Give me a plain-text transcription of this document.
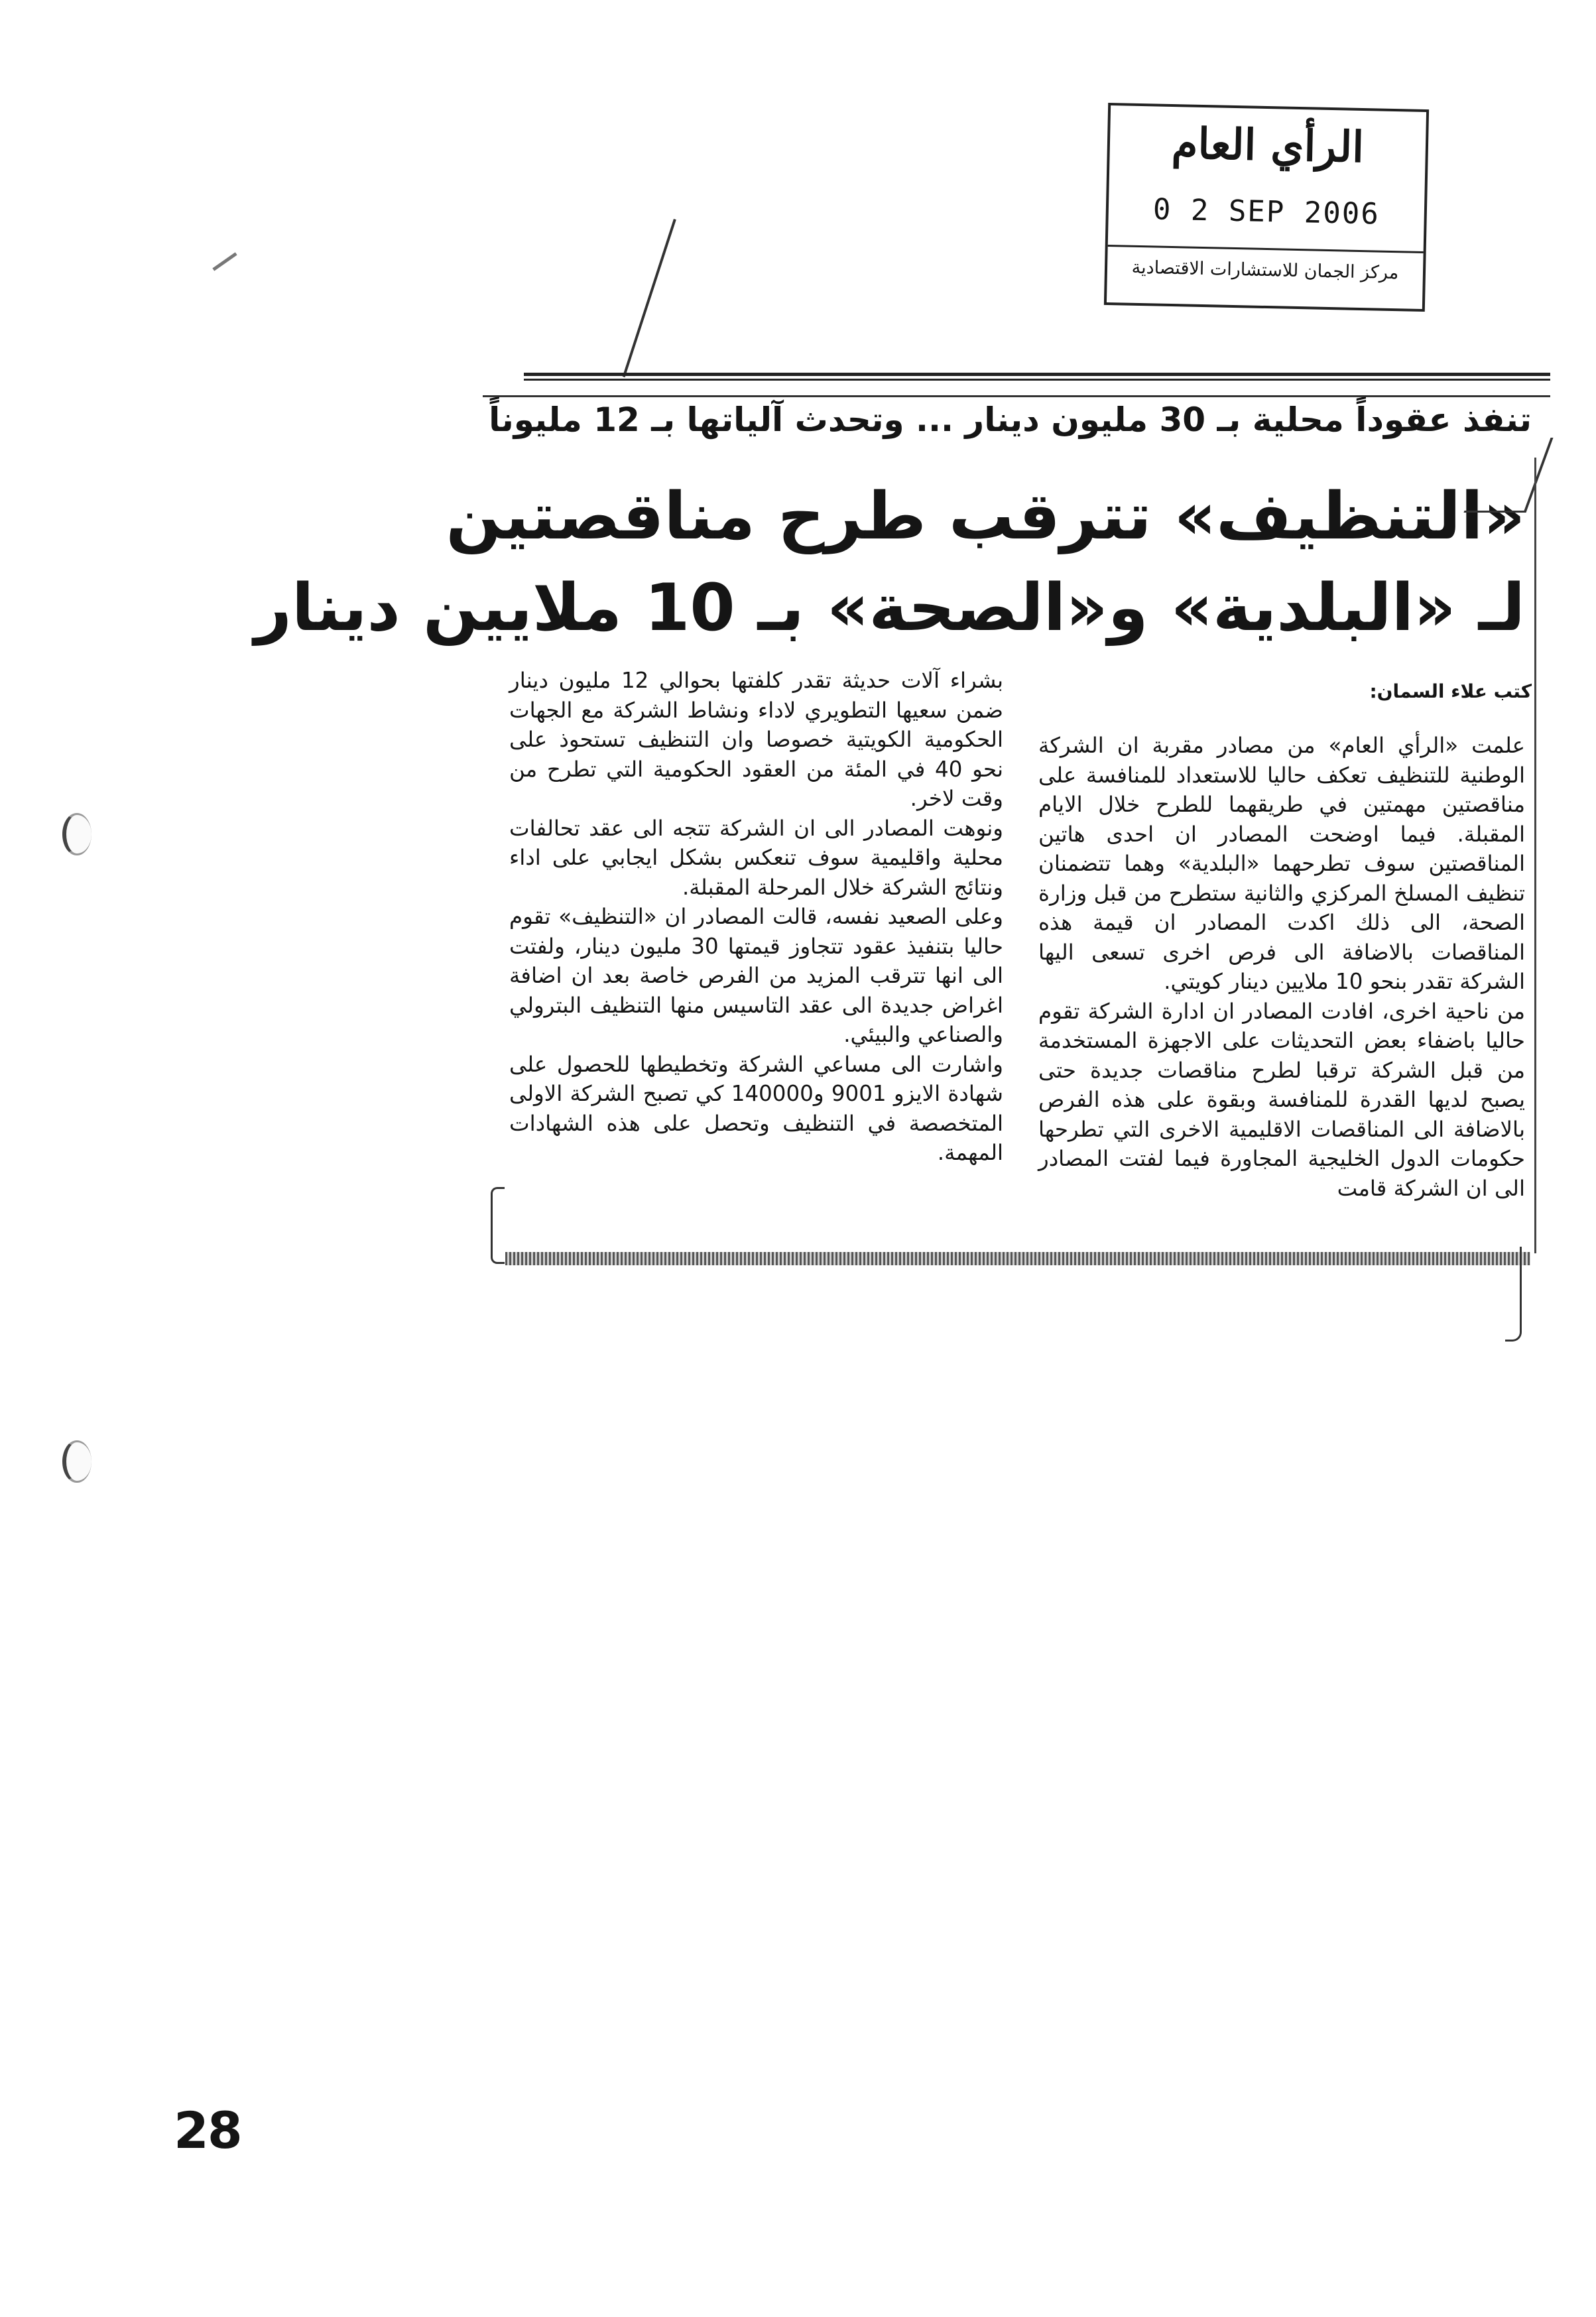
الرأي العام
0 2 SEP 2006
مركز الجمان للاستشارات الاقتصادية
تنفذ عقوداً محلية بـ 30 مليون دينار ... وتحدث آلياتها بـ 12 مليوناً
«التنظيف» تترقب طرح مناقصتين
لـ «البلدية» و«الصحة» بـ 10 ملايين دينار
كتب علاء السمان:

علمت «الرأي العام» من مصادر مقربة ان الشركة الوطنية للتنظيف تعكف حاليا للاستعداد للمنافسة على مناقصتين مهمتين في طريقهما للطرح خلال الايام المقبلة. فيما اوضحت المصادر ان احدى هاتين المناقصتين سوف تطرحهما «البلدية» وهما تتضمنان تنظيف المسلخ المركزي والثانية ستطرح من قبل وزارة الصحة، الى ذلك اكدت المصادر ان قيمة هذه المناقصات بالاضافة الى فرص اخرى تسعى اليها الشركة تقدر بنحو 10 ملايين دينار كويتي.

من ناحية اخرى، افادت المصادر ان ادارة الشركة تقوم حاليا باضفاء بعض التحديثات على الاجهزة المستخدمة من قبل الشركة ترقبا لطرح مناقصات جديدة حتى يصبح لديها القدرة للمنافسة وبقوة على هذه الفرص بالاضافة الى المناقصات الاقليمية الاخرى التي تطرحها حكومات الدول الخليجية المجاورة فيما لفتت المصادر الى ان الشركة قامت

بشراء آلات حديثة تقدر كلفتها بحوالي 12 مليون دينار ضمن سعيها التطويري لاداء ونشاط الشركة مع الجهات الحكومية الكويتية خصوصا وان التنظيف تستحوذ على نحو 40 في المئة من العقود الحكومية التي تطرح من وقت لاخر.

ونوهت المصادر الى ان الشركة تتجه الى عقد تحالفات محلية واقليمية سوف تنعكس بشكل ايجابي على اداء ونتائج الشركة خلال المرحلة المقبلة.

وعلى الصعيد نفسه، قالت المصادر ان «التنظيف» تقوم حاليا بتنفيذ عقود تتجاوز قيمتها 30 مليون دينار، ولفتت الى انها تترقب المزيد من الفرص خاصة بعد ان اضافة اغراض جديدة الى عقد التاسيس منها التنظيف البترولي والصناعي والبيئي.

واشارت الى مساعي الشركة وتخطيطها للحصول على شهادة الايزو 9001 و140000 كي تصبح الشركة الاولى المتخصصة في التنظيف وتحصل على هذه الشهادات المهمة.

28
